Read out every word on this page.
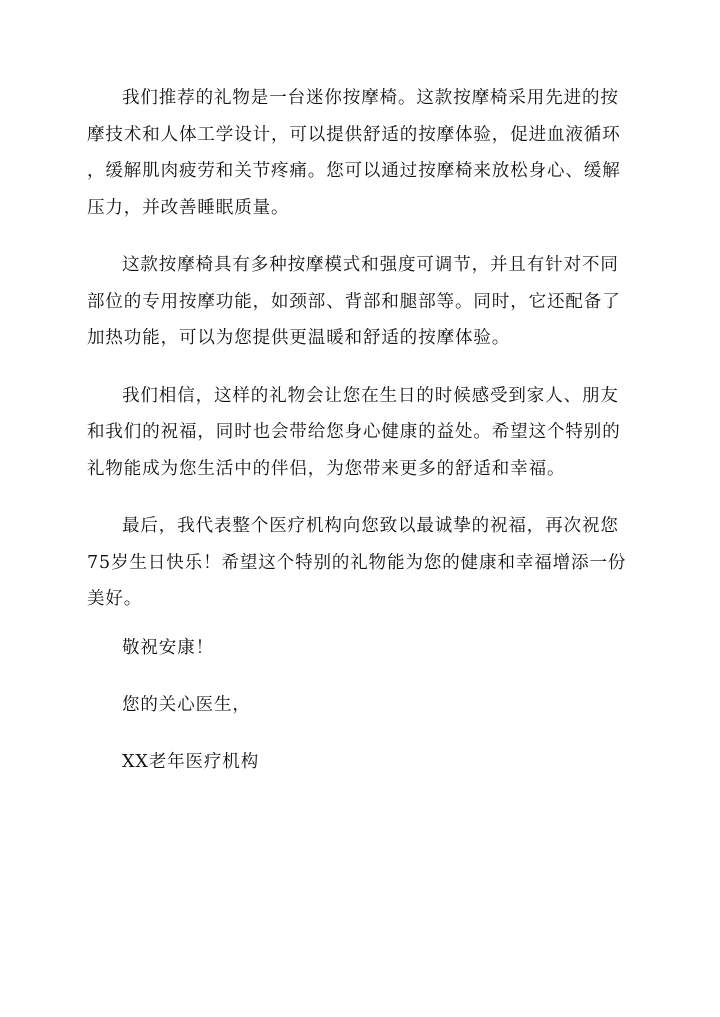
我们推荐的礼物是一台迷你按摩椅。这款按摩椅采用先进的按
摩技术和人体工学设计，可以提供舒适的按摩体验，促进血液循环
，缓解肌肉疲劳和关节疼痛。您可以通过按摩椅来放松身心、缓解
压力，并改善睡眠质量。

这款按摩椅具有多种按摩模式和强度可调节，并且有针对不同
部位的专用按摩功能，如颈部、背部和腿部等。同时，它还配备了
加热功能，可以为您提供更温暖和舒适的按摩体验。

我们相信，这样的礼物会让您在生日的时候感受到家人、朋友
和我们的祝福，同时也会带给您身心健康的益处。希望这个特别的
礼物能成为您生活中的伴侣，为您带来更多的舒适和幸福。

最后，我代表整个医疗机构向您致以最诚挚的祝福，再次祝您
75岁生日快乐！希望这个特别的礼物能为您的健康和幸福增添一份
美好。

敬祝安康！

您的关心医生，

XX老年医疗机构
